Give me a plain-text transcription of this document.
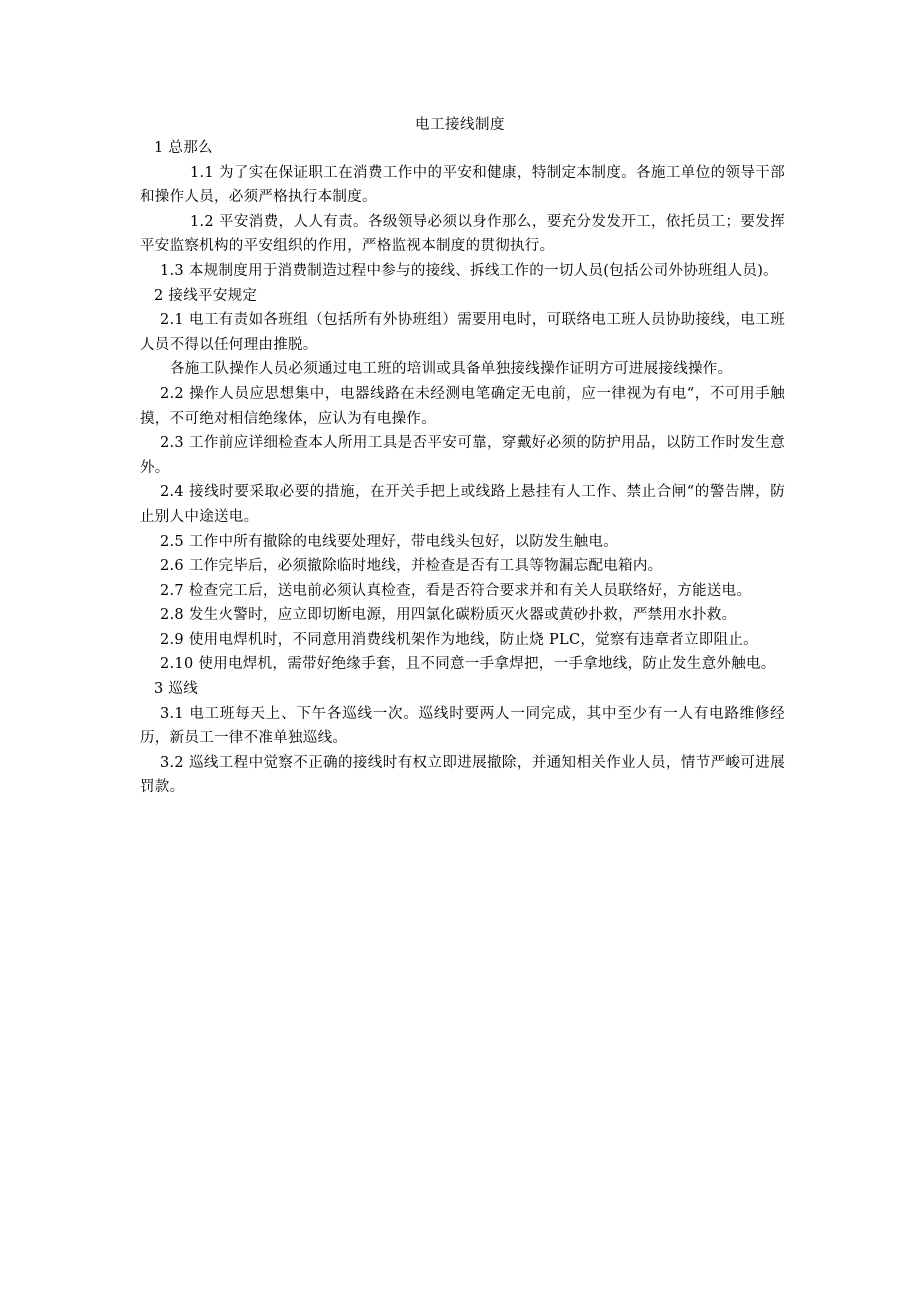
电工接线制度

1 总那么

1.1 为了实在保证职工在消费工作中的平安和健康，特制定本制度。各施工单位的领导干部和操作人员，必须严格执行本制度。

1.2 平安消费，人人有责。各级领导必须以身作那么，要充分发发开工，依托员工；要发挥平安监察机构的平安组织的作用，严格监视本制度的贯彻执行。

1.3 本规制度用于消费制造过程中参与的接线、拆线工作的一切人员(包括公司外协班组人员)。

2 接线平安规定

2.1 电工有责如各班组（包括所有外协班组）需要用电时，可联络电工班人员协助接线，电工班人员不得以任何理由推脱。

各施工队操作人员必须通过电工班的培训或具备单独接线操作证明方可进展接线操作。

2.2 操作人员应思想集中，电器线路在未经测电笔确定无电前，应一律视为有电“，不可用手触摸，不可绝对相信绝缘体，应认为有电操作。

2.3 工作前应详细检查本人所用工具是否平安可靠，穿戴好必须的防护用品，以防工作时发生意外。

2.4 接线时要采取必要的措施，在开关手把上或线路上悬挂有人工作、禁止合闸“的警告牌，防止别人中途送电。

2.5 工作中所有撤除的电线要处理好，带电线头包好，以防发生触电。

2.6 工作完毕后，必须撤除临时地线，并检查是否有工具等物漏忘配电箱内。

2.7 检查完工后，送电前必须认真检查，看是否符合要求并和有关人员联络好，方能送电。

2.8 发生火警时，应立即切断电源，用四氯化碳粉质灭火器或黄砂扑救，严禁用水扑救。

2.9 使用电焊机时，不同意用消费线机架作为地线，防止烧 PLC，觉察有违章者立即阻止。

2.10 使用电焊机，需带好绝缘手套，且不同意一手拿焊把，一手拿地线，防止发生意外触电。

3 巡线

3.1 电工班每天上、下午各巡线一次。巡线时要两人一同完成，其中至少有一人有电路维修经历，新员工一律不准单独巡线。

3.2 巡线工程中觉察不正确的接线时有权立即进展撤除，并通知相关作业人员，情节严峻可进展罚款。
